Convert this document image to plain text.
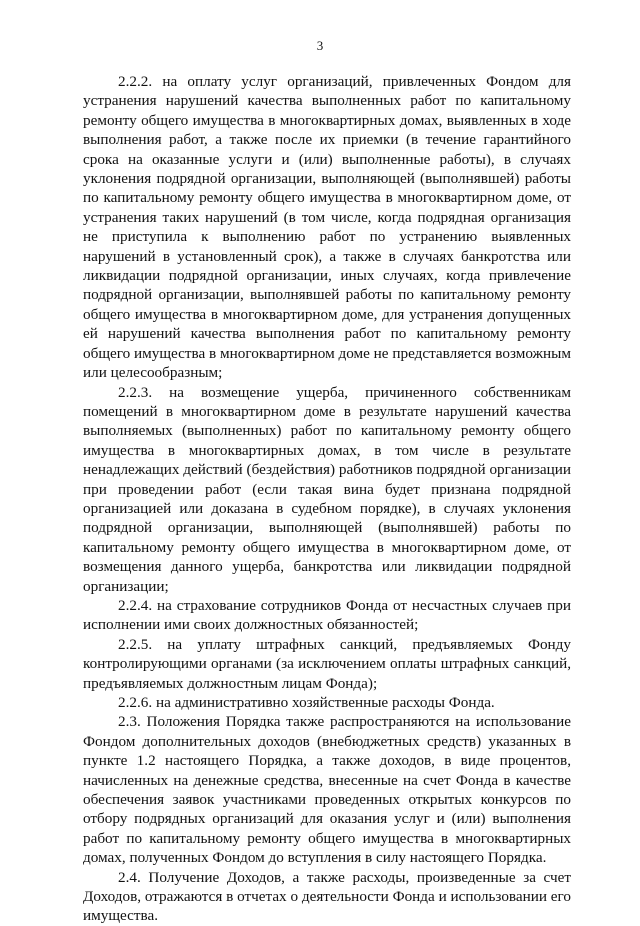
3

2.2.2. на оплату услуг организаций, привлеченных Фондом для устранения нарушений качества выполненных работ по капитальному ремонту общего имущества в многоквартирных домах, выявленных в ходе выполнения работ, а также после их приемки (в течение гарантийного срока на оказанные услуги и (или) выполненные работы), в случаях уклонения подрядной организации, выполняющей (выполнявшей) работы по капитальному ремонту общего имущества в многоквартирном доме, от устранения таких нарушений (в том числе, когда подрядная организация не приступила к выполнению работ по устранению выявленных нарушений в установленный срок), а также в случаях банкротства или ликвидации подрядной организации, иных случаях, когда привлечение подрядной организации, выполнявшей работы по капитальному ремонту общего имущества в многоквартирном доме, для устранения допущенных ей нарушений качества выполнения работ по капитальному ремонту общего имущества в многоквартирном доме не представляется возможным или целесообразным;

2.2.3. на возмещение ущерба, причиненного собственникам помещений в многоквартирном доме в результате нарушений качества выполняемых (выполненных) работ по капитальному ремонту общего имущества в многоквартирных домах, в том числе в результате ненадлежащих действий (бездействия) работников подрядной организации при проведении работ (если такая вина будет признана подрядной организацией или доказана в судебном порядке), в случаях уклонения подрядной организации, выполняющей (выполнявшей) работы по капитальному ремонту общего имущества в многоквартирном доме, от возмещения данного ущерба, банкротства или ликвидации подрядной организации;

2.2.4. на страхование сотрудников Фонда от несчастных случаев при исполнении ими своих должностных обязанностей;

2.2.5. на уплату штрафных санкций, предъявляемых Фонду контролирующими органами (за исключением оплаты штрафных санкций, предъявляемых должностным лицам Фонда);

2.2.6. на административно хозяйственные расходы Фонда.

2.3. Положения Порядка также распространяются на использование Фондом дополнительных доходов (внебюджетных средств) указанных в пункте 1.2 настоящего Порядка, а также доходов, в виде процентов, начисленных на денежные средства, внесенные на счет Фонда в качестве обеспечения заявок участниками проведенных открытых конкурсов по отбору подрядных организаций для оказания услуг и (или) выполнения работ по капитальному ремонту общего имущества в многоквартирных домах, полученных Фондом до вступления в силу настоящего Порядка.

2.4. Получение Доходов, а также расходы, произведенные за счет Доходов, отражаются в отчетах о деятельности Фонда и использовании его имущества.
